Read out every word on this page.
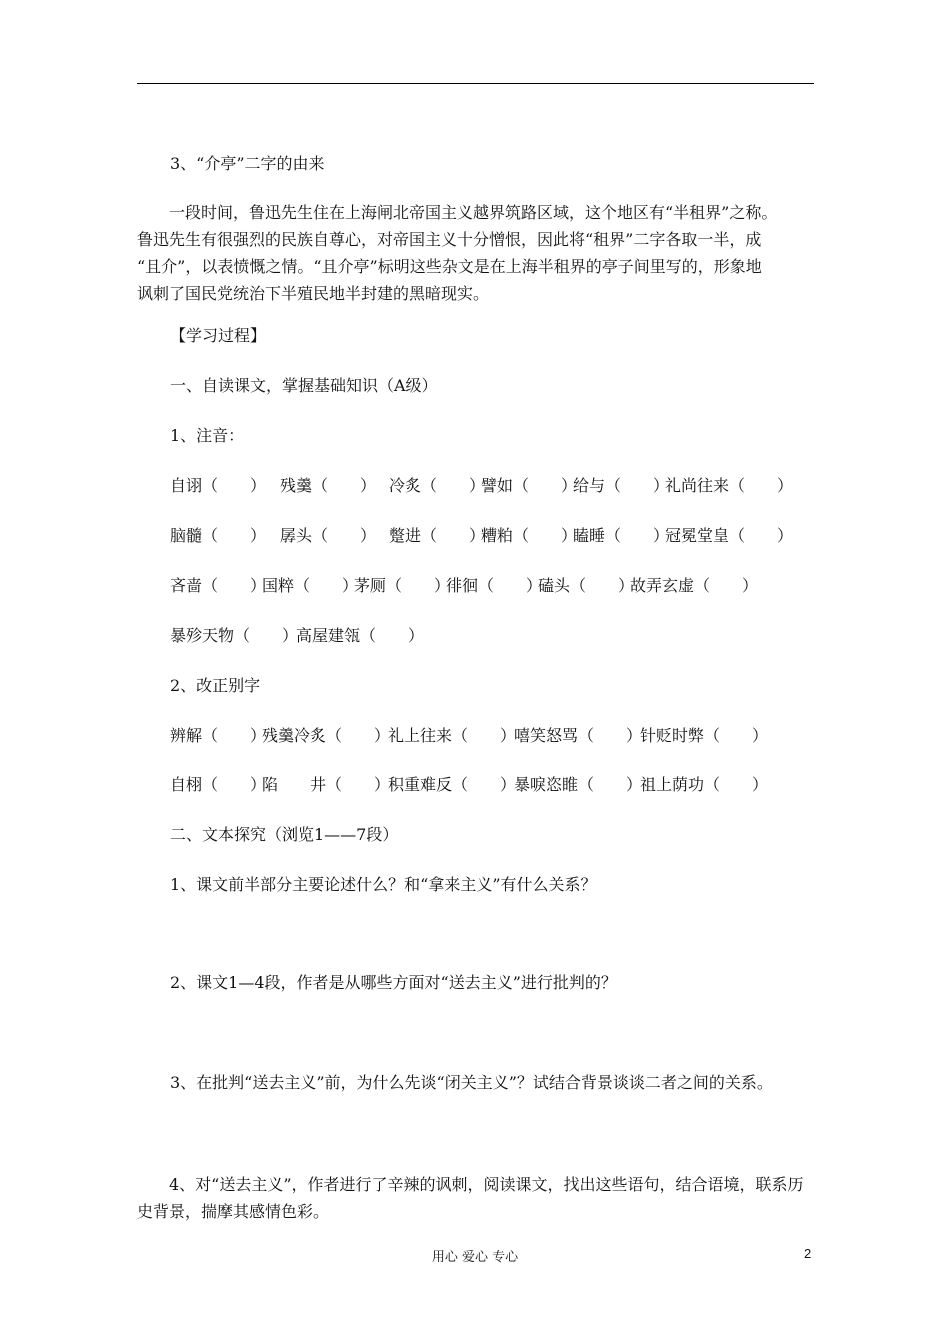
3、“介亭”二字的由来

一段时间，鲁迅先生住在上海闸北帝国主义越界筑路区域，这个地区有“半租界”之称。

鲁迅先生有很强烈的民族自尊心，对帝国主义十分憎恨，因此将“租界”二字各取一半，成

“且介”，以表愤慨之情。“且介亭”标明这些杂文是在上海半租界的亭子间里写的，形象地

讽刺了国民党统治下半殖民地半封建的黑暗现实。

【学习过程】
一、自读课文，掌握基础知识（A级）
1、注音：
自诩（　　） 残羹（　　） 冷炙（　　）譬如（　　）给与（　　）礼尚往来（　　）
脑髓（　　） 孱头（　　） 蹩进（　　）糟粕（　　）瞌睡（　　）冠冕堂皇（　　）
吝啬（　　）国粹（　　）茅厕（　　）徘徊（　　）磕头（　　）故弄玄虚（　　）
暴殄天物（　　）高屋建瓴（　　）
2、改正别字
辨解（　　）残羹冷炙（　　）礼上往来（　　）嘻笑怒骂（　　）针贬时弊（　　）
自栩（　　）陷　　井（　　）积重难反（　　）暴唳恣睢（　　）祖上荫功（　　）
二、文本探究（浏览1——7段）
1、课文前半部分主要论述什么？和“拿来主义”有什么关系？
2、课文1—4段，作者是从哪些方面对“送去主义”进行批判的？
3、在批判“送去主义”前，为什么先谈“闭关主义”？试结合背景谈谈二者之间的关系。

　　4、对“送去主义”，作者进行了辛辣的讽刺，阅读课文，找出这些语句，结合语境，联系历

史背景，揣摩其感情色彩。

用心 爱心 专心	2
